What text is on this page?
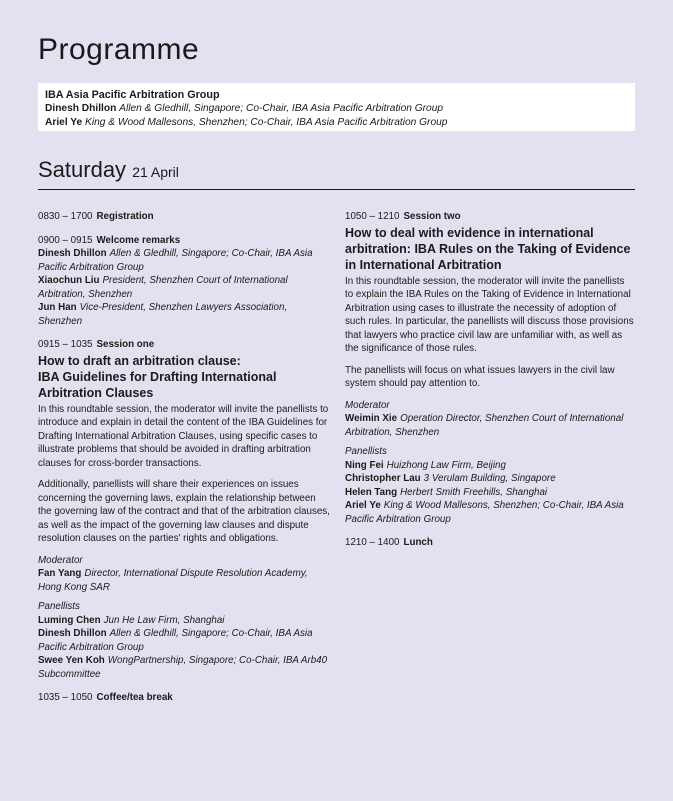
Programme
IBA Asia Pacific Arbitration Group
Dinesh Dhillon Allen & Gledhill, Singapore; Co-Chair, IBA Asia Pacific Arbitration Group
Ariel Ye King & Wood Mallesons, Shenzhen; Co-Chair, IBA Asia Pacific Arbitration Group
Saturday 21 April
0830 – 1700 Registration
0900 – 0915 Welcome remarks
Dinesh Dhillon Allen & Gledhill, Singapore; Co-Chair, IBA Asia Pacific Arbitration Group
Xiaochun Liu President, Shenzhen Court of International Arbitration, Shenzhen
Jun Han Vice-President, Shenzhen Lawyers Association, Shenzhen
0915 – 1035 Session one
How to draft an arbitration clause:
IBA Guidelines for Drafting International Arbitration Clauses

In this roundtable session, the moderator will invite the panellists to introduce and explain in detail the content of the IBA Guidelines for Drafting International Arbitration Clauses, using specific cases to illustrate problems that should be avoided in drafting arbitration clauses for cross-border transactions.

Additionally, panellists will share their experiences on issues concerning the governing laws, explain the relationship between the governing law of the contract and that of the arbitration clauses, as well as the impact of the governing law clauses and dispute resolution clauses on the parties' rights and obligations.

Moderator
Fan Yang Director, International Dispute Resolution Academy, Hong Kong SAR
Panellists
Luming Chen Jun He Law Firm, Shanghai
Dinesh Dhillon Allen & Gledhill, Singapore; Co-Chair, IBA Asia Pacific Arbitration Group
Swee Yen Koh WongPartnership, Singapore; Co-Chair, IBA Arb40 Subcommittee
1035 – 1050 Coffee/tea break
1050 – 1210 Session two
How to deal with evidence in international arbitration: IBA Rules on the Taking of Evidence in International Arbitration

In this roundtable session, the moderator will invite the panellists to explain the IBA Rules on the Taking of Evidence in International Arbitration using cases to illustrate the necessity of adoption of such rules. In particular, the panellists will discuss those provisions that lawyers who practice civil law are unfamiliar with, as well as the significance of those rules.

The panellists will focus on what issues lawyers in the civil law system should pay attention to.

Moderator
Weimin Xie Operation Director, Shenzhen Court of International Arbitration, Shenzhen
Panellists
Ning Fei Huizhong Law Firm, Beijing
Christopher Lau 3 Verulam Building, Singapore
Helen Tang Herbert Smith Freehills, Shanghai
Ariel Ye King & Wood Mallesons, Shenzhen; Co-Chair, IBA Asia Pacific Arbitration Group
1210 – 1400 Lunch
